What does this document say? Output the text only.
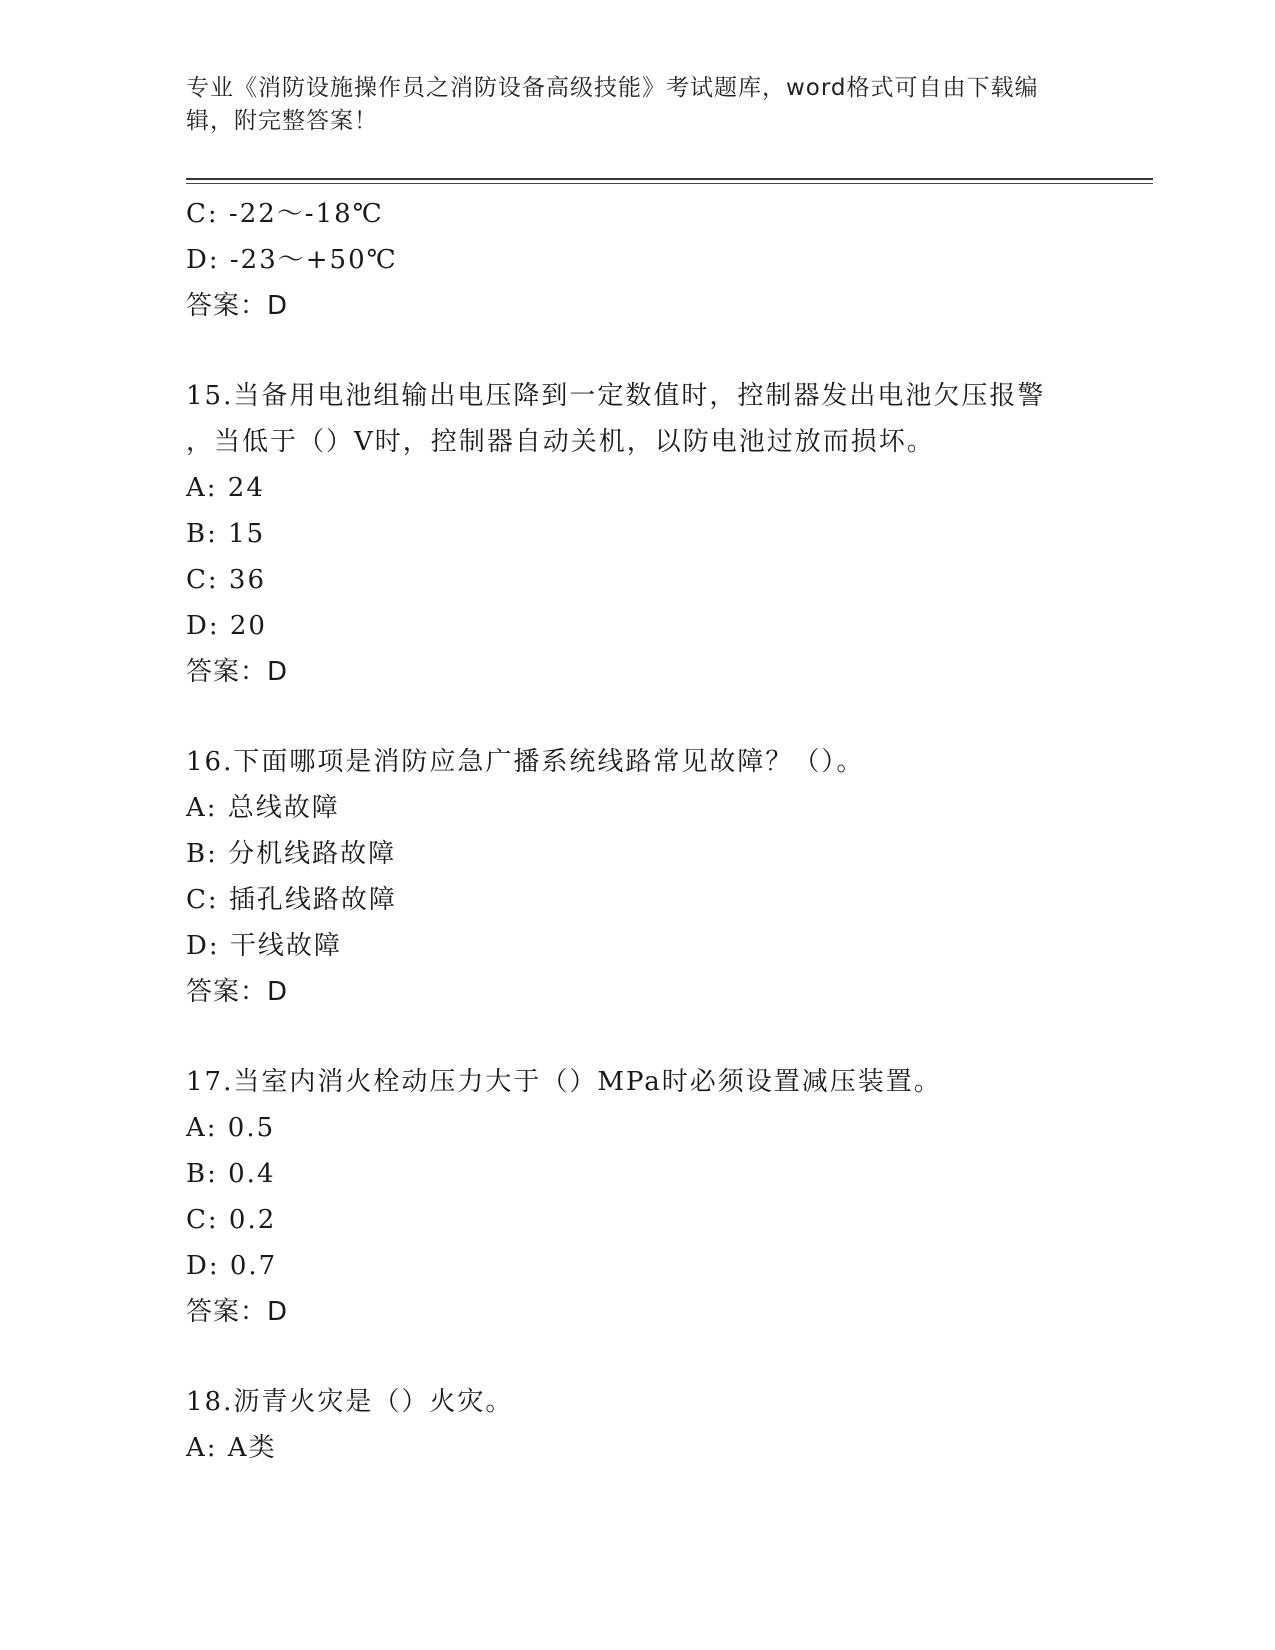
专业《消防设施操作员之消防设备高级技能》考试题库，word格式可自由下载编
辑，附完整答案！
C: -22～-18℃
D: -23～+50℃
答案：D
15.当备用电池组输出电压降到一定数值时，控制器发出电池欠压报警
，当低于（）V时，控制器自动关机，以防电池过放而损坏。
A: 24
B: 15
C: 36
D: 20
答案：D
16.下面哪项是消防应急广播系统线路常见故障？（）。
A: 总线故障
B: 分机线路故障
C: 插孔线路故障
D: 干线故障
答案：D
17.当室内消火栓动压力大于（）MPa时必须设置减压装置。
A: 0.5
B: 0.4
C: 0.2
D: 0.7
答案：D
18.沥青火灾是（）火灾。
A: A类
